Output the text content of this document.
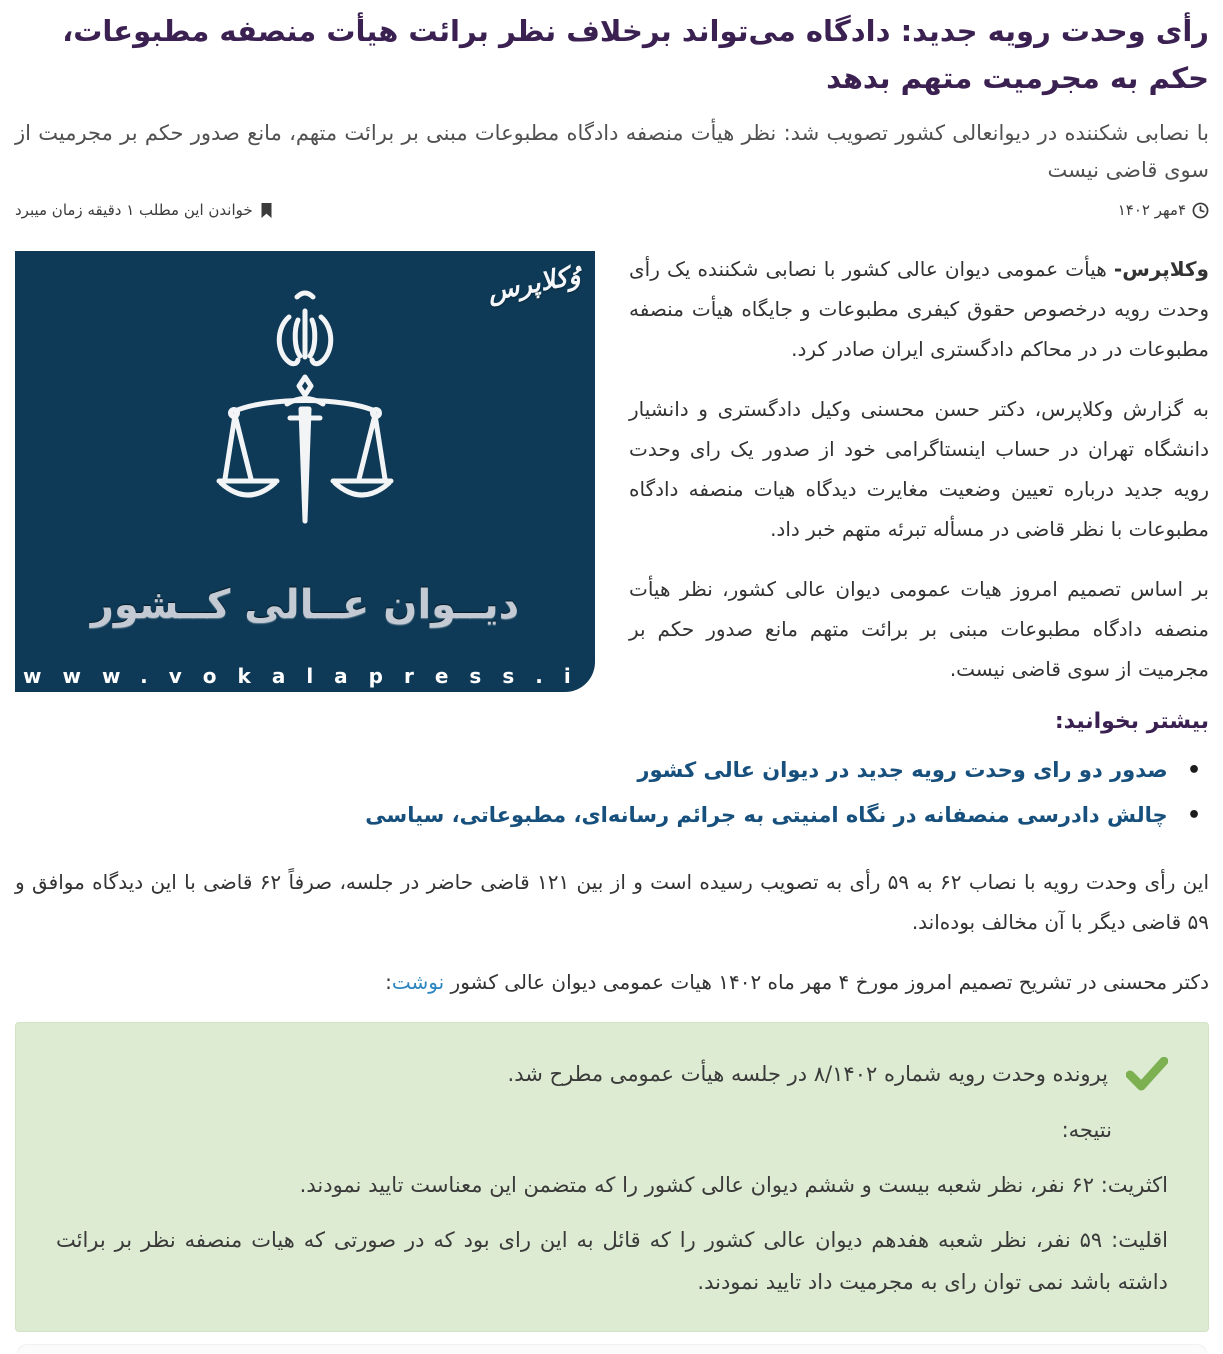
رأی وحدت رویه جدید: دادگاه می‌تواند برخلاف نظر برائت هیأت منصفه مطبوعات، حکم به مجرمیت متهم بدهد

با نصابی شکننده در دیوانعالی کشور تصویب شد: نظر هیأت منصفه دادگاه مطبوعات مبنی بر برائت متهم، مانع صدور حکم بر مجرمیت از سوی قاضی نیست

۴مهر ۱۴۰۲
خواندن این مطلب ۱ دقیقه زمان میبرد
وُکلاپرس
دیــوان عــالی کــشور
www.vokalapress.i

وکلاپرس- هیأت عمومی دیوان عالی کشور با نصابی شکننده یک رأی وحدت رویه درخصوص حقوق کیفری مطبوعات و جایگاه هیأت منصفه مطبوعات در در محاکم دادگستری ایران صادر کرد.

به گزارش وکلاپرس، دکتر حسن محسنی وکیل دادگستری و دانشیار دانشگاه تهران در حساب اینستاگرامی خود از صدور یک رای وحدت رویه جدید درباره تعیین وضعیت مغایرت دیدگاه هیات منصفه دادگاه مطبوعات با نظر قاضی در مسأله تبرئه متهم خبر داد.

بر اساس تصمیم امروز هیات عمومی دیوان عالی کشور، نظر هیأت منصفه دادگاه مطبوعات مبنی بر برائت متهم مانع صدور حکم بر مجرمیت از سوی قاضی نیست.

بیشتر بخوانید:
• صدور دو رای وحدت رویه جدید در دیوان عالی کشور
• چالش دادرسی منصفانه در نگاه امنیتی به جرائم رسانه‌ای، مطبوعاتی، سیاسی

این رأی وحدت رویه با نصاب ۶۲ به ۵۹ رأی به تصویب رسیده است و از بین ۱۲۱ قاضی حاضر در جلسه، صرفاً ۶۲ قاضی با این دیدگاه موافق و ۵۹ قاضی دیگر با آن مخالف بوده‌اند.

دکتر محسنی در تشریح تصمیم امروز مورخ ۴ مهر ماه ۱۴۰۲ هیات عمومی دیوان عالی کشور نوشت:

پرونده وحدت رویه شماره ۸/۱۴۰۲ در جلسه هیأت عمومی مطرح شد.

نتیجه:

اکثریت: ۶۲ نفر، نظر شعبه بیست و ششم دیوان عالی کشور را که متضمن این معناست تایید نمودند.

اقلیت: ۵۹ نفر، نظر شعبه هفدهم دیوان عالی کشور را که قائل به این رای بود که در صورتی که هیات منصفه نظر بر برائت داشته باشد نمی توان رای به مجرمیت داد تایید نمودند.
